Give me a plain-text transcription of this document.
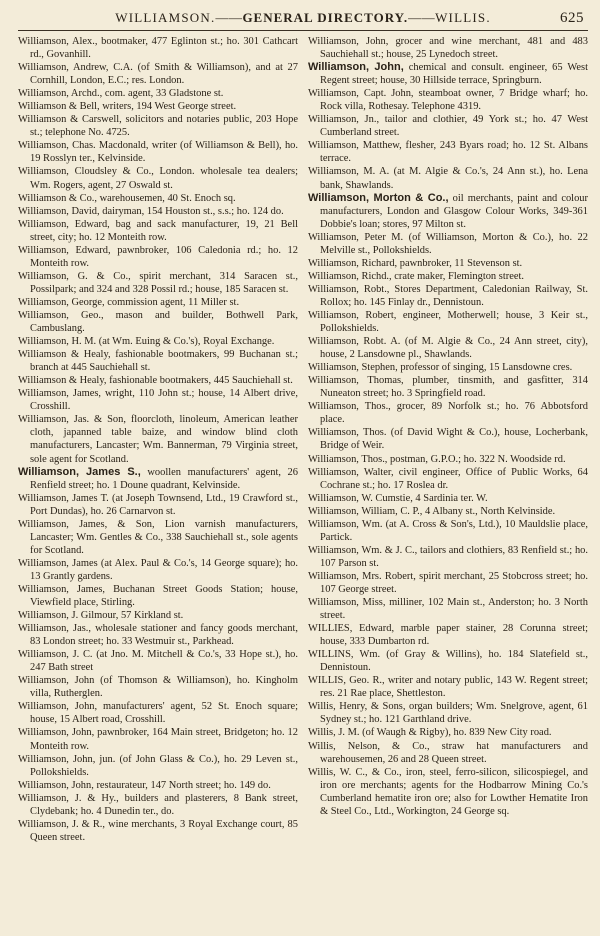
WILLIAMSON.——GENERAL DIRECTORY.——WILLIS.	625
Williamson, Alex., bootmaker, 477 Eglinton st.; ho. 301 Cathcart rd., Govanhill.
Williamson, Andrew, C.A. (of Smith & Williamson), and at 27 Cornhill, London, E.C.; res. London.
Williamson, Archd., com. agent, 33 Gladstone st.
Williamson & Bell, writers, 194 West George street.
Williamson & Carswell, solicitors and notaries public, 203 Hope st.; telephone No. 4725.
Williamson, Chas. Macdonald, writer (of Williamson & Bell), ho. 19 Rosslyn ter., Kelvinside.
Williamson, Cloudsley & Co., London. wholesale tea dealers; Wm. Rogers, agent, 27 Oswald st.
Williamson & Co., warehousemen, 40 St. Enoch sq.
Williamson, David, dairyman, 154 Houston st., s.s.; ho. 124 do.
Williamson, Edward, bag and sack manufacturer, 19, 21 Bell street, city; ho. 12 Monteith row.
Williamson, Edward, pawnbroker, 106 Caledonia rd.; ho. 12 Monteith row.
Williamson, G. & Co., spirit merchant, 314 Saracen st., Possilpark; and 324 and 328 Possil rd.; house, 185 Saracen st.
Williamson, George, commission agent, 11 Miller st.
Williamson, Geo., mason and builder, Bothwell Park, Cambuslang.
Williamson, H. M. (at Wm. Euing & Co.'s), Royal Exchange.
Williamson & Healy, fashionable bootmakers, 99 Buchanan st.; branch at 445 Sauchiehall st.
Williamson & Healy, fashionable bootmakers, 445 Sauchiehall st.
Williamson, James, wright, 110 John st.; house, 14 Albert drive, Crosshill.
Williamson, Jas. & Son, floorcloth, linoleum, American leather cloth, japanned table baize, and window blind cloth manufacturers, Lancaster; Wm. Bannerman, 79 Virginia street, sole agent for Scotland.
Williamson, James S., woollen manufacturers' agent, 26 Renfield street; ho. 1 Doune quadrant, Kelvinside.
Williamson, James T. (at Joseph Townsend, Ltd., 19 Crawford st., Port Dundas), ho. 26 Carnarvon st.
Williamson, James, & Son, Lion varnish manufacturers, Lancaster; Wm. Gentles & Co., 338 Sauchiehall st., sole agents for Scotland.
Williamson, James (at Alex. Paul & Co.'s, 14 George square); ho. 13 Grantly gardens.
Williamson, James, Buchanan Street Goods Station; house, Viewfield place, Stirling.
Williamson, J. Gilmour, 57 Kirkland st.
Williamson, Jas., wholesale stationer and fancy goods merchant, 83 London street; ho. 33 Westmuir st., Parkhead.
Williamson, J. C. (at Jno. M. Mitchell & Co.'s, 33 Hope st.), ho. 247 Bath street
Williamson, John (of Thomson & Williamson), ho. Kingholm villa, Rutherglen.
Williamson, John, manufacturers' agent, 52 St. Enoch square; house, 15 Albert road, Crosshill.
Williamson, John, pawnbroker, 164 Main street, Bridgeton; ho. 12 Monteith row.
Williamson, John, jun. (of John Glass & Co.), ho. 29 Leven st., Pollokshields.
Williamson, John, restaurateur, 147 North street; ho. 149 do.
Williamson, J. & Hy., builders and plasterers, 8 Bank street, Clydebank; ho. 4 Dunedin ter., do.
Williamson, J. & R., wine merchants, 3 Royal Exchange court, 85 Queen street.
Williamson, John, grocer and wine merchant, 481 and 483 Sauchiehall st.; house, 25 Lynedoch street.
Williamson, John, chemical and consult. engineer, 65 West Regent street; house, 30 Hillside terrace, Springburn.
Williamson, Capt. John, steamboat owner, 7 Bridge wharf; ho. Rock villa, Rothesay. Telephone 4319.
Williamson, Jn., tailor and clothier, 49 York st.; ho. 47 West Cumberland street.
Williamson, Matthew, flesher, 243 Byars road; ho. 12 St. Albans terrace.
Williamson, M. A. (at M. Algie & Co.'s, 24 Ann st.), ho. Lena bank, Shawlands.
Williamson, Morton & Co., oil merchants, paint and colour manufacturers, London and Glasgow Colour Works, 349-361 Dobbie's loan; stores, 97 Milton st.
Williamson, Peter M. (of Williamson, Morton & Co.), ho. 22 Melville st., Pollokshields.
Williamson, Richard, pawnbroker, 11 Stevenson st.
Williamson, Richd., crate maker, Flemington street.
Williamson, Robt., Stores Department, Caledonian Railway, St. Rollox; ho. 145 Finlay dr., Dennistoun.
Williamson, Robert, engineer, Motherwell; house, 3 Keir st., Pollokshields.
Williamson, Robt. A. (of M. Algie & Co., 24 Ann street, city), house, 2 Lansdowne pl., Shawlands.
Williamson, Stephen, professor of singing, 15 Lansdowne cres.
Williamson, Thomas, plumber, tinsmith, and gasfitter, 314 Nuneaton street; ho. 3 Springfield road.
Williamson, Thos., grocer, 89 Norfolk st.; ho. 76 Abbotsford place.
Williamson, Thos. (of David Wight & Co.), house, Locherbank, Bridge of Weir.
Williamson, Thos., postman, G.P.O.; ho. 322 N. Woodside rd.
Williamson, Walter, civil engineer, Office of Public Works, 64 Cochrane st.; ho. 17 Roslea dr.
Williamson, W. Cumstie, 4 Sardinia ter. W.
Williamson, William, C. P., 4 Albany st., North Kelvinside.
Williamson, Wm. (at A. Cross & Son's, Ltd.), 10 Mauldslie place, Partick.
Williamson, Wm. & J. C., tailors and clothiers, 83 Renfield st.; ho. 107 Parson st.
Williamson, Mrs. Robert, spirit merchant, 25 Stobcross street; ho. 107 George street.
Williamson, Miss, milliner, 102 Main st., Anderston; ho. 3 North street.
WILLIES, Edward, marble paper stainer, 28 Corunna street; house, 333 Dumbarton rd.
WILLINS, Wm. (of Gray & Willins), ho. 184 Slatefield st., Dennistoun.
WILLIS, Geo. R., writer and notary public, 143 W. Regent street; res. 21 Rae place, Shettleston.
Willis, Henry, & Sons, organ builders; Wm. Snelgrove, agent, 61 Sydney st.; ho. 121 Garthland drive.
Willis, J. M. (of Waugh & Rigby), ho. 839 New City road.
Willis, Nelson, & Co., straw hat manufacturers and warehousemen, 26 and 28 Queen street.
Willis, W. C., & Co., iron, steel, ferro-silicon, silicospiegel, and iron ore merchants; agents for the Hodbarrow Mining Co.'s Cumberland hematite iron ore; also for Lowther Hematite Iron & Steel Co., Ltd., Workington, 24 George sq.
